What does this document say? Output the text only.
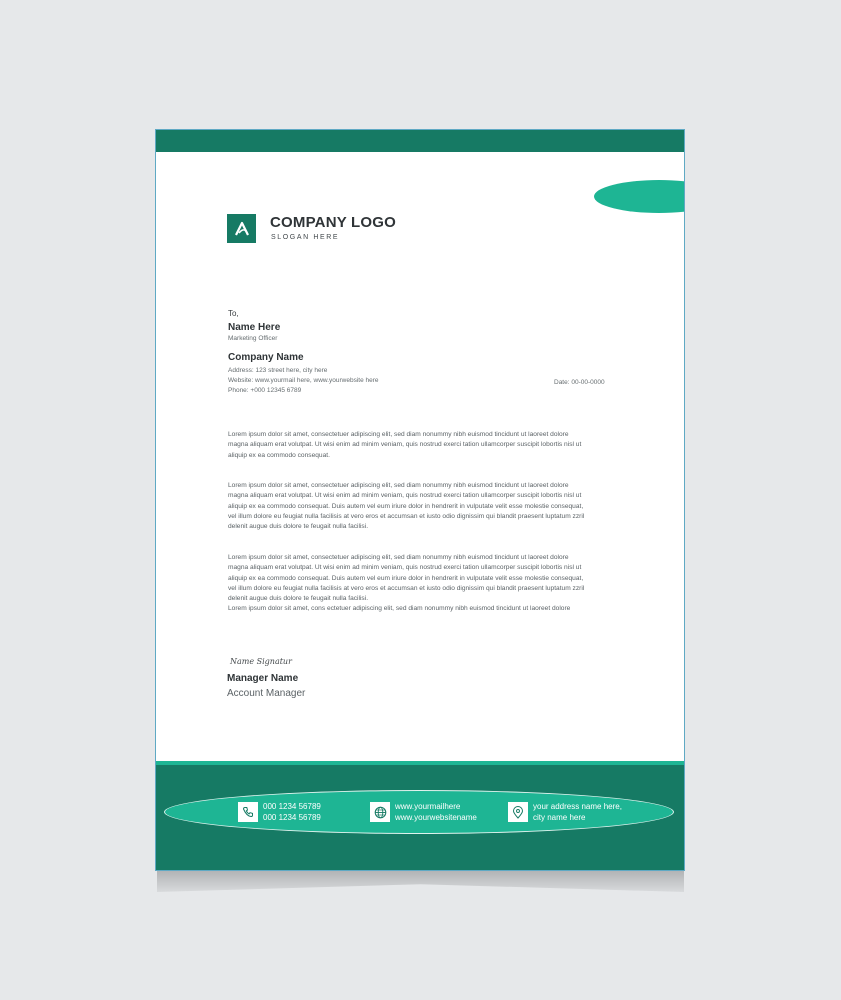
COMPANY LOGO
SLOGAN HERE
To,
Name Here
Marketing Officer
Company Name
Address: 123 street here, city here
Website: www.yourmail here, www.yourwebsite here
Phone: +000 12345 6789
Date: 00-00-0000
Lorem ipsum dolor sit amet, consectetuer adipiscing elit, sed diam nonummy nibh euismod tincidunt ut laoreet dolore
magna aliquam erat volutpat. Ut wisi enim ad minim veniam, quis nostrud exerci tation ullamcorper suscipit lobortis nisl ut
aliquip ex ea commodo consequat.
Lorem ipsum dolor sit amet, consectetuer adipiscing elit, sed diam nonummy nibh euismod tincidunt ut laoreet dolore
magna aliquam erat volutpat. Ut wisi enim ad minim veniam, quis nostrud exerci tation ullamcorper suscipit lobortis nisl ut
aliquip ex ea commodo consequat. Duis autem vel eum iriure dolor in hendrerit in vulputate velit esse molestie consequat,
vel illum dolore eu feugiat nulla facilisis at vero eros et accumsan et iusto odio dignissim qui blandit praesent luptatum zzril
delenit augue duis dolore te feugait nulla facilisi.
Lorem ipsum dolor sit amet, consectetuer adipiscing elit, sed diam nonummy nibh euismod tincidunt ut laoreet dolore
magna aliquam erat volutpat. Ut wisi enim ad minim veniam, quis nostrud exerci tation ullamcorper suscipit lobortis nisl ut
aliquip ex ea commodo consequat. Duis autem vel eum iriure dolor in hendrerit in vulputate velit esse molestie consequat,
vel illum dolore eu feugiat nulla facilisis at vero eros et accumsan et iusto odio dignissim qui blandit praesent luptatum zzril
delenit augue duis dolore te feugait nulla facilisi.
Lorem ipsum dolor sit amet, cons ectetuer adipiscing elit, sed diam nonummy nibh euismod tincidunt ut laoreet dolore
Name Signatur
Manager Name
Account Manager
000 1234 56789
000 1234 56789
www.yourmailhere
www.yourwebsitename
your address name here,
city name here
